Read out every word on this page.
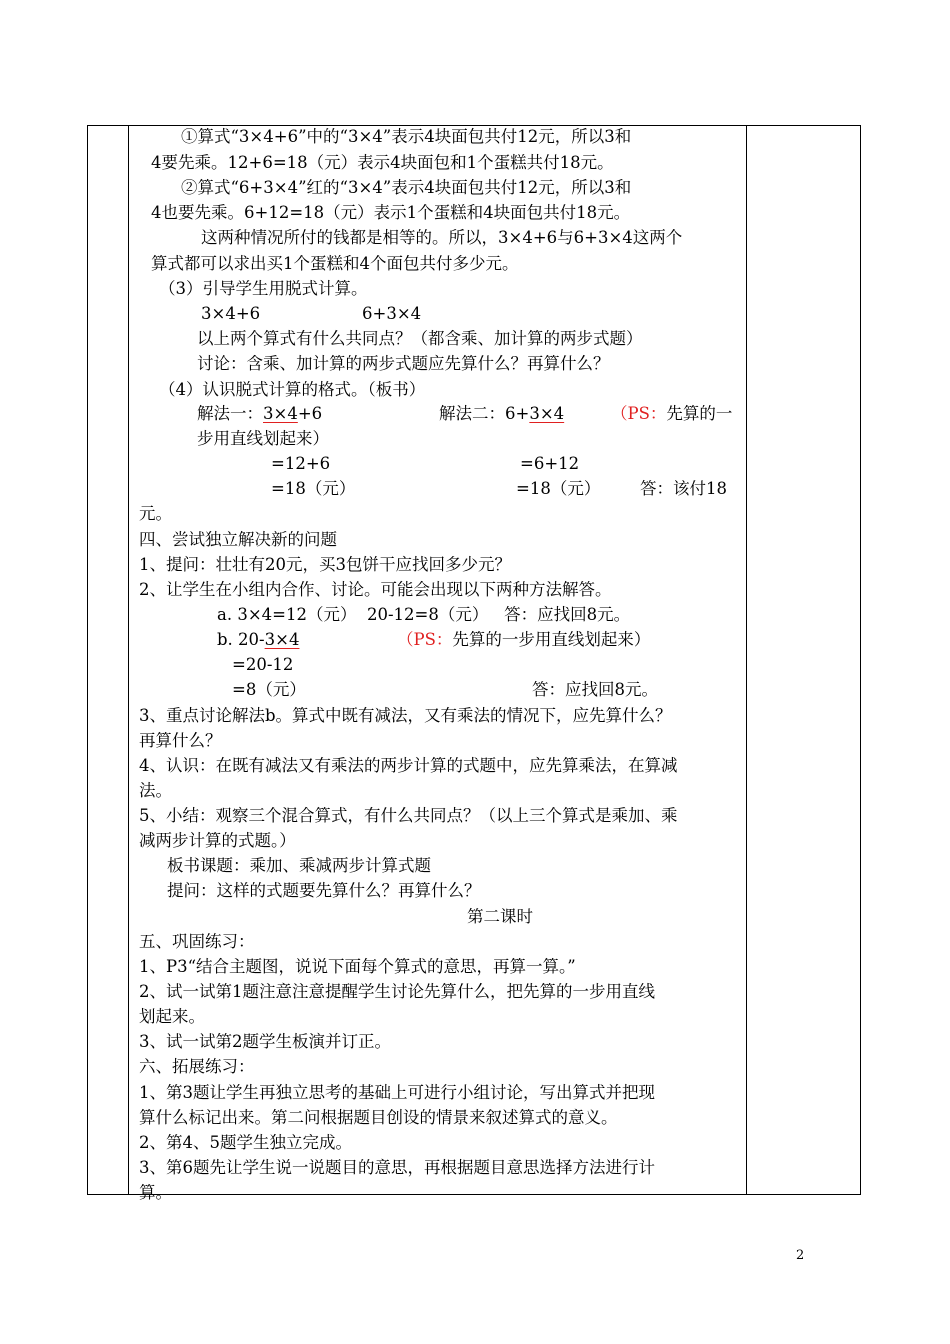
①算式“3×4+6”中的“3×4”表示4块面包共付12元，所以3和
4要先乘。12+6=18（元）表示4块面包和1个蛋糕共付18元。
②算式“6+3×4”红的“3×4”表示4块面包共付12元，所以3和
4也要先乘。6+12=18（元）表示1个蛋糕和4块面包共付18元。
这两种情况所付的钱都是相等的。所以，3×4+6与6+3×4这两个
算式都可以求出买1个蛋糕和4个面包共付多少元。
（3）引导学生用脱式计算。
3×4+6	6+3×4
以上两个算式有什么共同点？（都含乘、加计算的两步式题）
讨论：含乘、加计算的两步式题应先算什么？再算什么？
（4）认识脱式计算的格式。（板书）
解法一：3×4+6	解法二：6+3×4	（PS：先算的一
步用直线划起来）
=12+6	=6+12
=18（元）	=18（元） 答：该付18
元。
四、尝试独立解决新的问题
1、提问：壮壮有20元，买3包饼干应找回多少元？
2、让学生在小组内合作、讨论。可能会出现以下两种方法解答。
a. 3×4=12（元）  20-12=8（元）   答：应找回8元。
b. 20-3×4	（PS：先算的一步用直线划起来）
=20-12
=8（元）	答：应找回8元。
3、重点讨论解法b。算式中既有减法，又有乘法的情况下，应先算什么？
再算什么？
4、认识：在既有减法又有乘法的两步计算的式题中，应先算乘法，在算减
法。
5、小结：观察三个混合算式，有什么共同点？（以上三个算式是乘加、乘
减两步计算的式题。）
板书课题：乘加、乘减两步计算式题
提问：这样的式题要先算什么？再算什么？
第二课时
五、巩固练习：
1、P3“结合主题图，说说下面每个算式的意思，再算一算。”
2、试一试第1题注意注意提醒学生讨论先算什么，把先算的一步用直线
划起来。
3、试一试第2题学生板演并订正。
六、拓展练习：
1、第3题让学生再独立思考的基础上可进行小组讨论，写出算式并把现
算什么标记出来。第二问根据题目创设的情景来叙述算式的意义。
2、第4、5题学生独立完成。
3、第6题先让学生说一说题目的意思，再根据题目意思选择方法进行计
算。
2
